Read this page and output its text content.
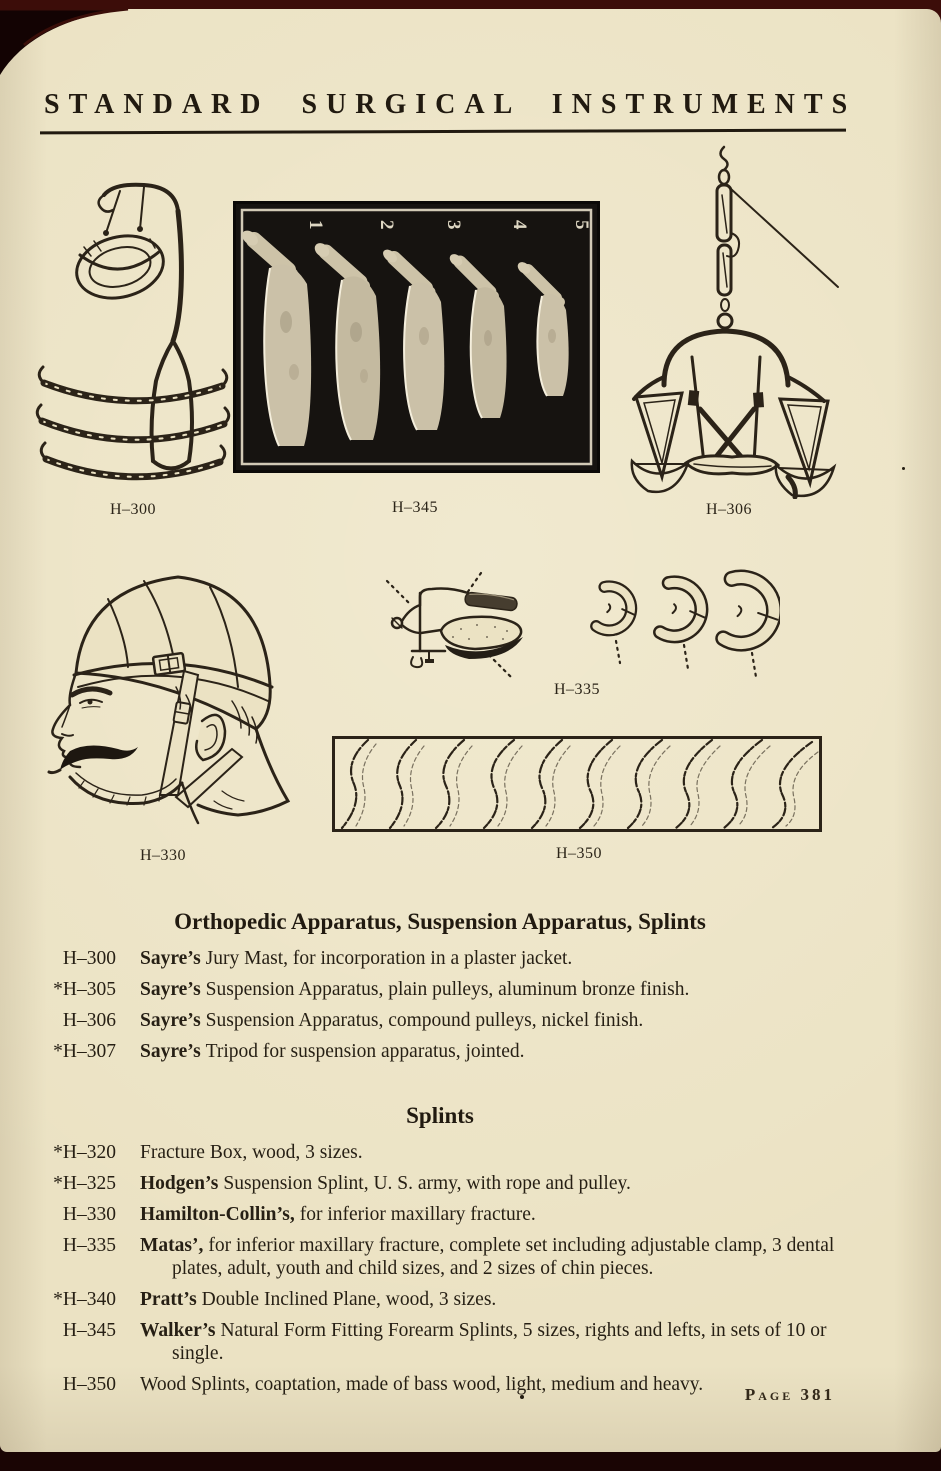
STANDARD SURGICAL INSTRUMENTS
H–300
1	2 3 4 5
H–345	H–306
H–330
H–335
H–350
Orthopedic Apparatus, Suspension Apparatus, Splints
H–300 Sayre’s Jury Mast, for incorporation in a plaster jacket.
*H–305 Sayre’s Suspension Apparatus, plain pulleys, aluminum bronze finish.
H–306 Sayre’s Suspension Apparatus, compound pulleys, nickel finish.
*H–307 Sayre’s Tripod for suspension apparatus, jointed.
Splints
*H–320 Fracture Box, wood, 3 sizes.
*H–325 Hodgen’s Suspension Splint, U. S. army, with rope and pulley.
H–330 Hamilton-Collin’s, for inferior maxillary fracture.
H–335 Matas’, for inferior maxillary fracture, complete set including adjustable clamp, 3 dental plates, adult, youth and child sizes, and 2 sizes of chin pieces.
*H–340 Pratt’s Double Inclined Plane, wood, 3 sizes.
H–345 Walker’s Natural Form Fitting Forearm Splints, 5 sizes, rights and lefts, in sets of 10 or single.
H–350 Wood Splints, coaptation, made of bass wood, light, medium and heavy. Page 381
